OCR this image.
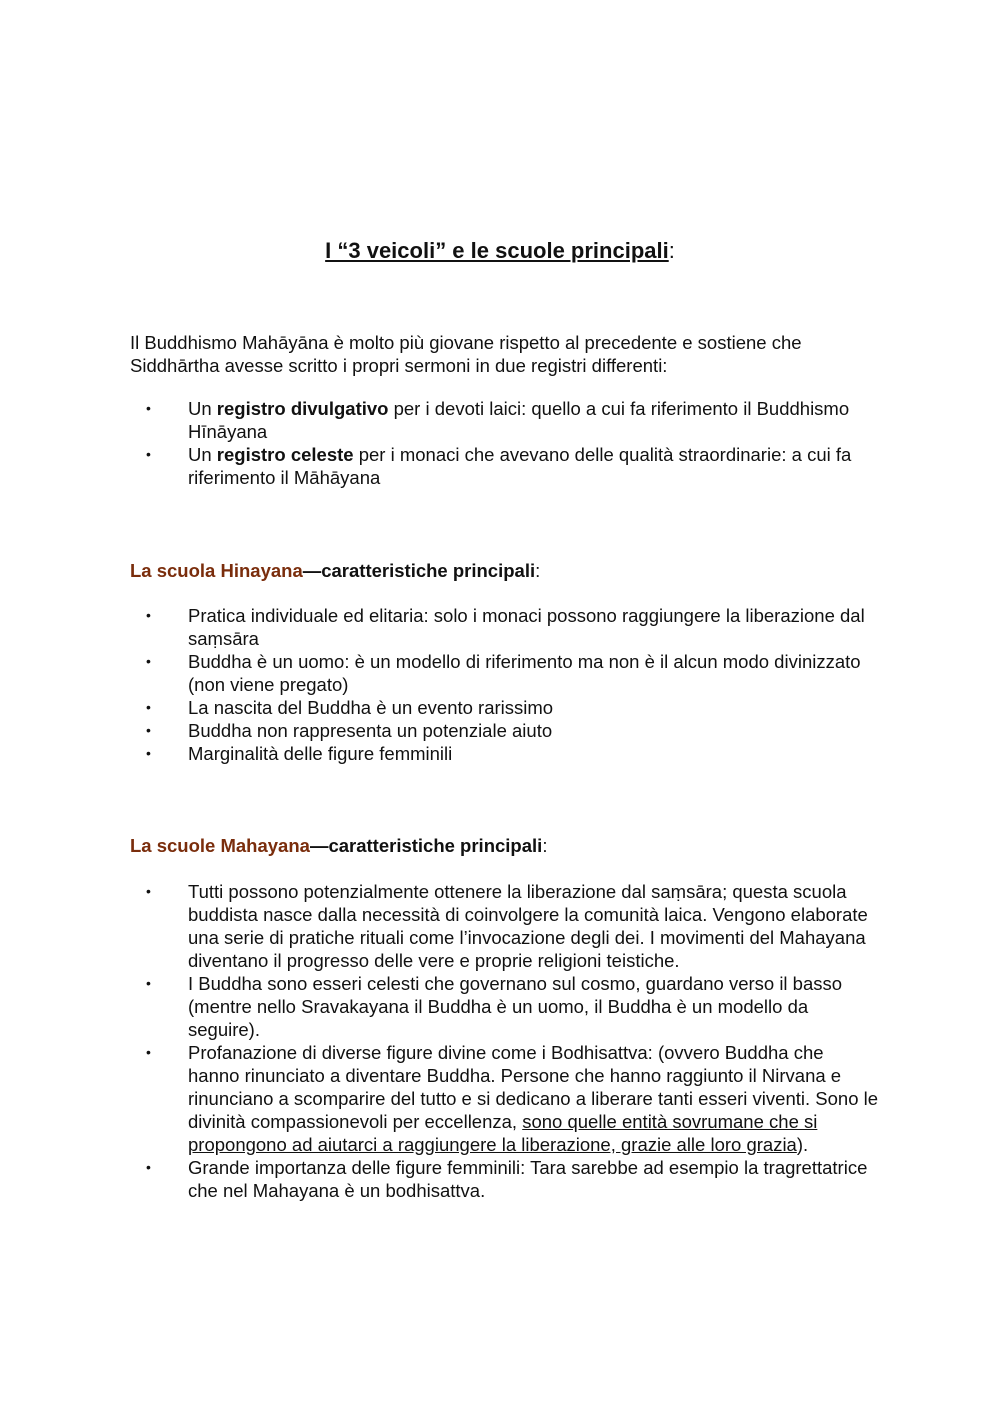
I “3 veicoli” e le scuole principali:

Il Buddhismo Mahāyāna è molto più giovane rispetto al precedente e sostiene che Siddhārtha avesse scritto i propri sermoni in due registri differenti:

• Un registro divulgativo per i devoti laici: quello a cui fa riferimento il Buddhismo Hīnāyana
• Un registro celeste per i monaci che avevano delle qualità straordinarie: a cui fa riferimento il Māhāyana
La scuola Hinayana—caratteristiche principali:
• Pratica individuale ed elitaria: solo i monaci possono raggiungere la liberazione dal saṃsāra
• Buddha è un uomo: è un modello di riferimento ma non è il alcun modo divinizzato (non viene pregato)
• La nascita del Buddha è un evento rarissimo
• Buddha non rappresenta un potenziale aiuto
• Marginalità delle figure femminili
La scuole Mahayana—caratteristiche principali:
• Tutti possono potenzialmente ottenere la liberazione dal saṃsāra; questa scuola buddista nasce dalla necessità di coinvolgere la comunità laica. Vengono elaborate una serie di pratiche rituali come l’invocazione degli dei. I movimenti del Mahayana diventano il progresso delle vere e proprie religioni teistiche.
• I Buddha sono esseri celesti che governano sul cosmo, guardano verso il basso (mentre nello Sravakayana il Buddha è un uomo, il Buddha è un modello da seguire).
• Profanazione di diverse figure divine come i Bodhisattva: (ovvero Buddha che hanno rinunciato a diventare Buddha. Persone che hanno raggiunto il Nirvana e rinunciano a scomparire del tutto e si dedicano a liberare tanti esseri viventi. Sono le divinità compassionevoli per eccellenza, sono quelle entità sovrumane che si propongono ad aiutarci a raggiungere la liberazione, grazie alle loro grazia).
• Grande importanza delle figure femminili: Tara sarebbe ad esempio la tragrettatrice che nel Mahayana è un bodhisattva.
